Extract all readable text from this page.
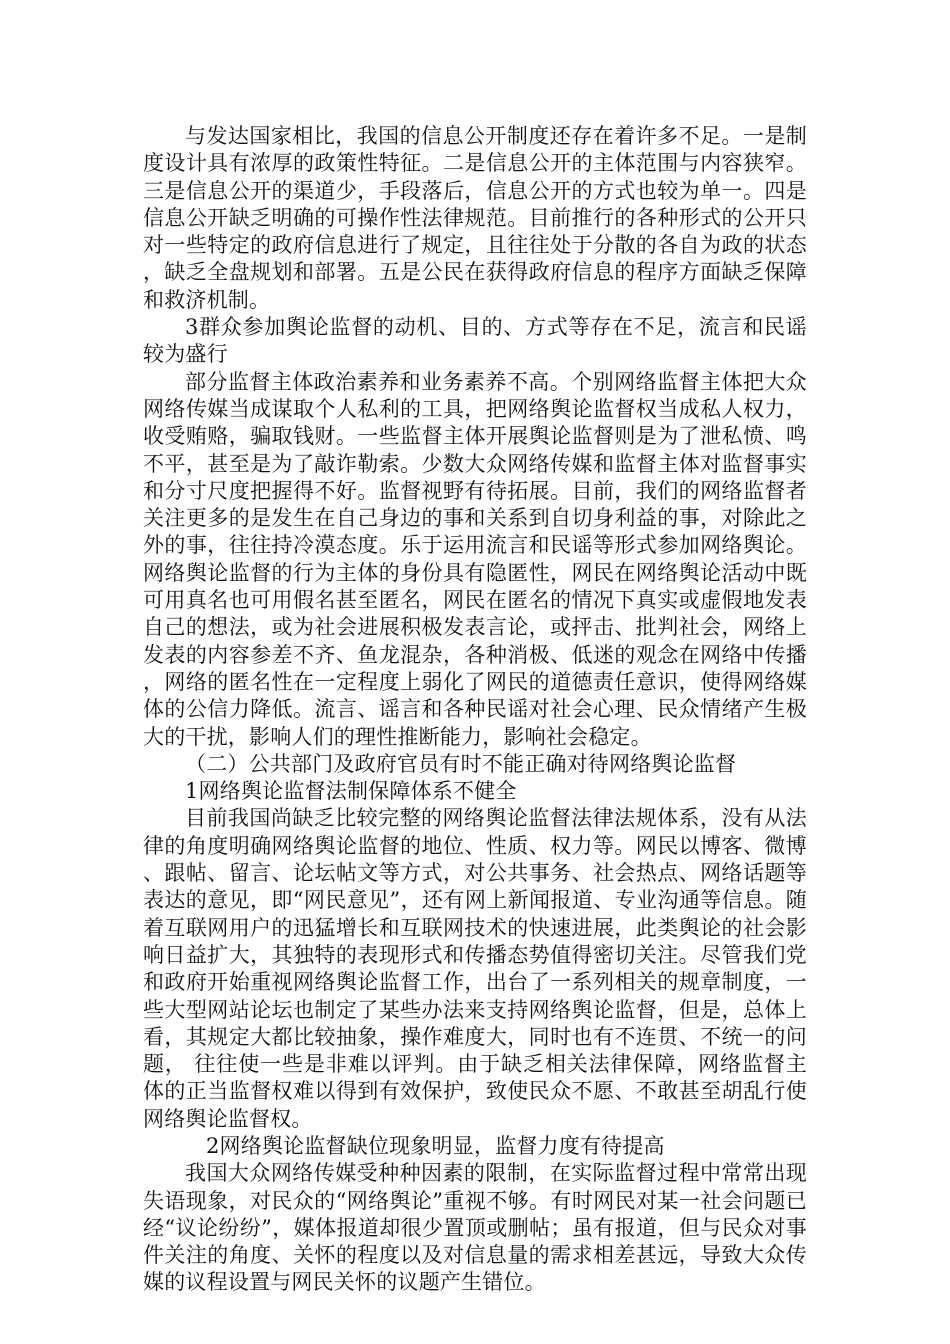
与发达国家相比，我国的信息公开制度还存在着许多不足。一是制度设计具有浓厚的政策性特征。二是信息公开的主体范围与内容狭窄。三是信息公开的渠道少，手段落后，信息公开的方式也较为单一。四是信息公开缺乏明确的可操作性法律规范。目前推行的各种形式的公开只对一些特定的政府信息进行了规定，且往往处于分散的各自为政的状态，缺乏全盘规划和部署。五是公民在获得政府信息的程序方面缺乏保障和救济机制。

3群众参加舆论监督的动机、目的、方式等存在不足，流言和民谣较为盛行

部分监督主体政治素养和业务素养不高。个别网络监督主体把大众网络传媒当成谋取个人私利的工具，把网络舆论监督权当成私人权力，收受贿赂，骗取钱财。一些监督主体开展舆论监督则是为了泄私愤、鸣不平，甚至是为了敲诈勒索。少数大众网络传媒和监督主体对监督事实和分寸尺度把握得不好。监督视野有待拓展。目前，我们的网络监督者关注更多的是发生在自己身边的事和关系到自切身利益的事，对除此之外的事，往往持冷漠态度。乐于运用流言和民谣等形式参加网络舆论。网络舆论监督的行为主体的身份具有隐匿性，网民在网络舆论活动中既可用真名也可用假名甚至匿名，网民在匿名的情况下真实或虚假地发表自己的想法，或为社会进展积极发表言论，或抨击、批判社会，网络上发表的内容参差不齐、鱼龙混杂，各种消极、低迷的观念在网络中传播，网络的匿名性在一定程度上弱化了网民的道德责任意识，使得网络媒体的公信力降低。流言、谣言和各种民谣对社会心理、民众情绪产生极大的干扰，影响人们的理性推断能力，影响社会稳定。

（二）公共部门及政府官员有时不能正确对待网络舆论监督

1网络舆论监督法制保障体系不健全

目前我国尚缺乏比较完整的网络舆论监督法律法规体系，没有从法律的角度明确网络舆论监督的地位、性质、权力等。网民以博客、微博、跟帖、留言、论坛帖文等方式，对公共事务、社会热点、网络话题等表达的意见，即“网民意见”，还有网上新闻报道、专业沟通等信息。随着互联网用户的迅猛增长和互联网技术的快速进展，此类舆论的社会影响日益扩大，其独特的表现形式和传播态势值得密切关注。尽管我们党和政府开始重视网络舆论监督工作，出台了一系列相关的规章制度，一些大型网站论坛也制定了某些办法来支持网络舆论监督，但是，总体上看，其规定大都比较抽象，操作难度大，同时也有不连贯、不统一的问题， 往往使一些是非难以评判。由于缺乏相关法律保障，网络监督主体的正当监督权难以得到有效保护，致使民众不愿、不敢甚至胡乱行使网络舆论监督权。

2网络舆论监督缺位现象明显，监督力度有待提高

我国大众网络传媒受种种因素的限制，在实际监督过程中常常出现失语现象，对民众的“网络舆论”重视不够。有时网民对某一社会问题已经“议论纷纷”，媒体报道却很少置顶或删帖；虽有报道，但与民众对事件关注的角度、关怀的程度以及对信息量的需求相差甚远，导致大众传媒的议程设置与网民关怀的议题产生错位。
